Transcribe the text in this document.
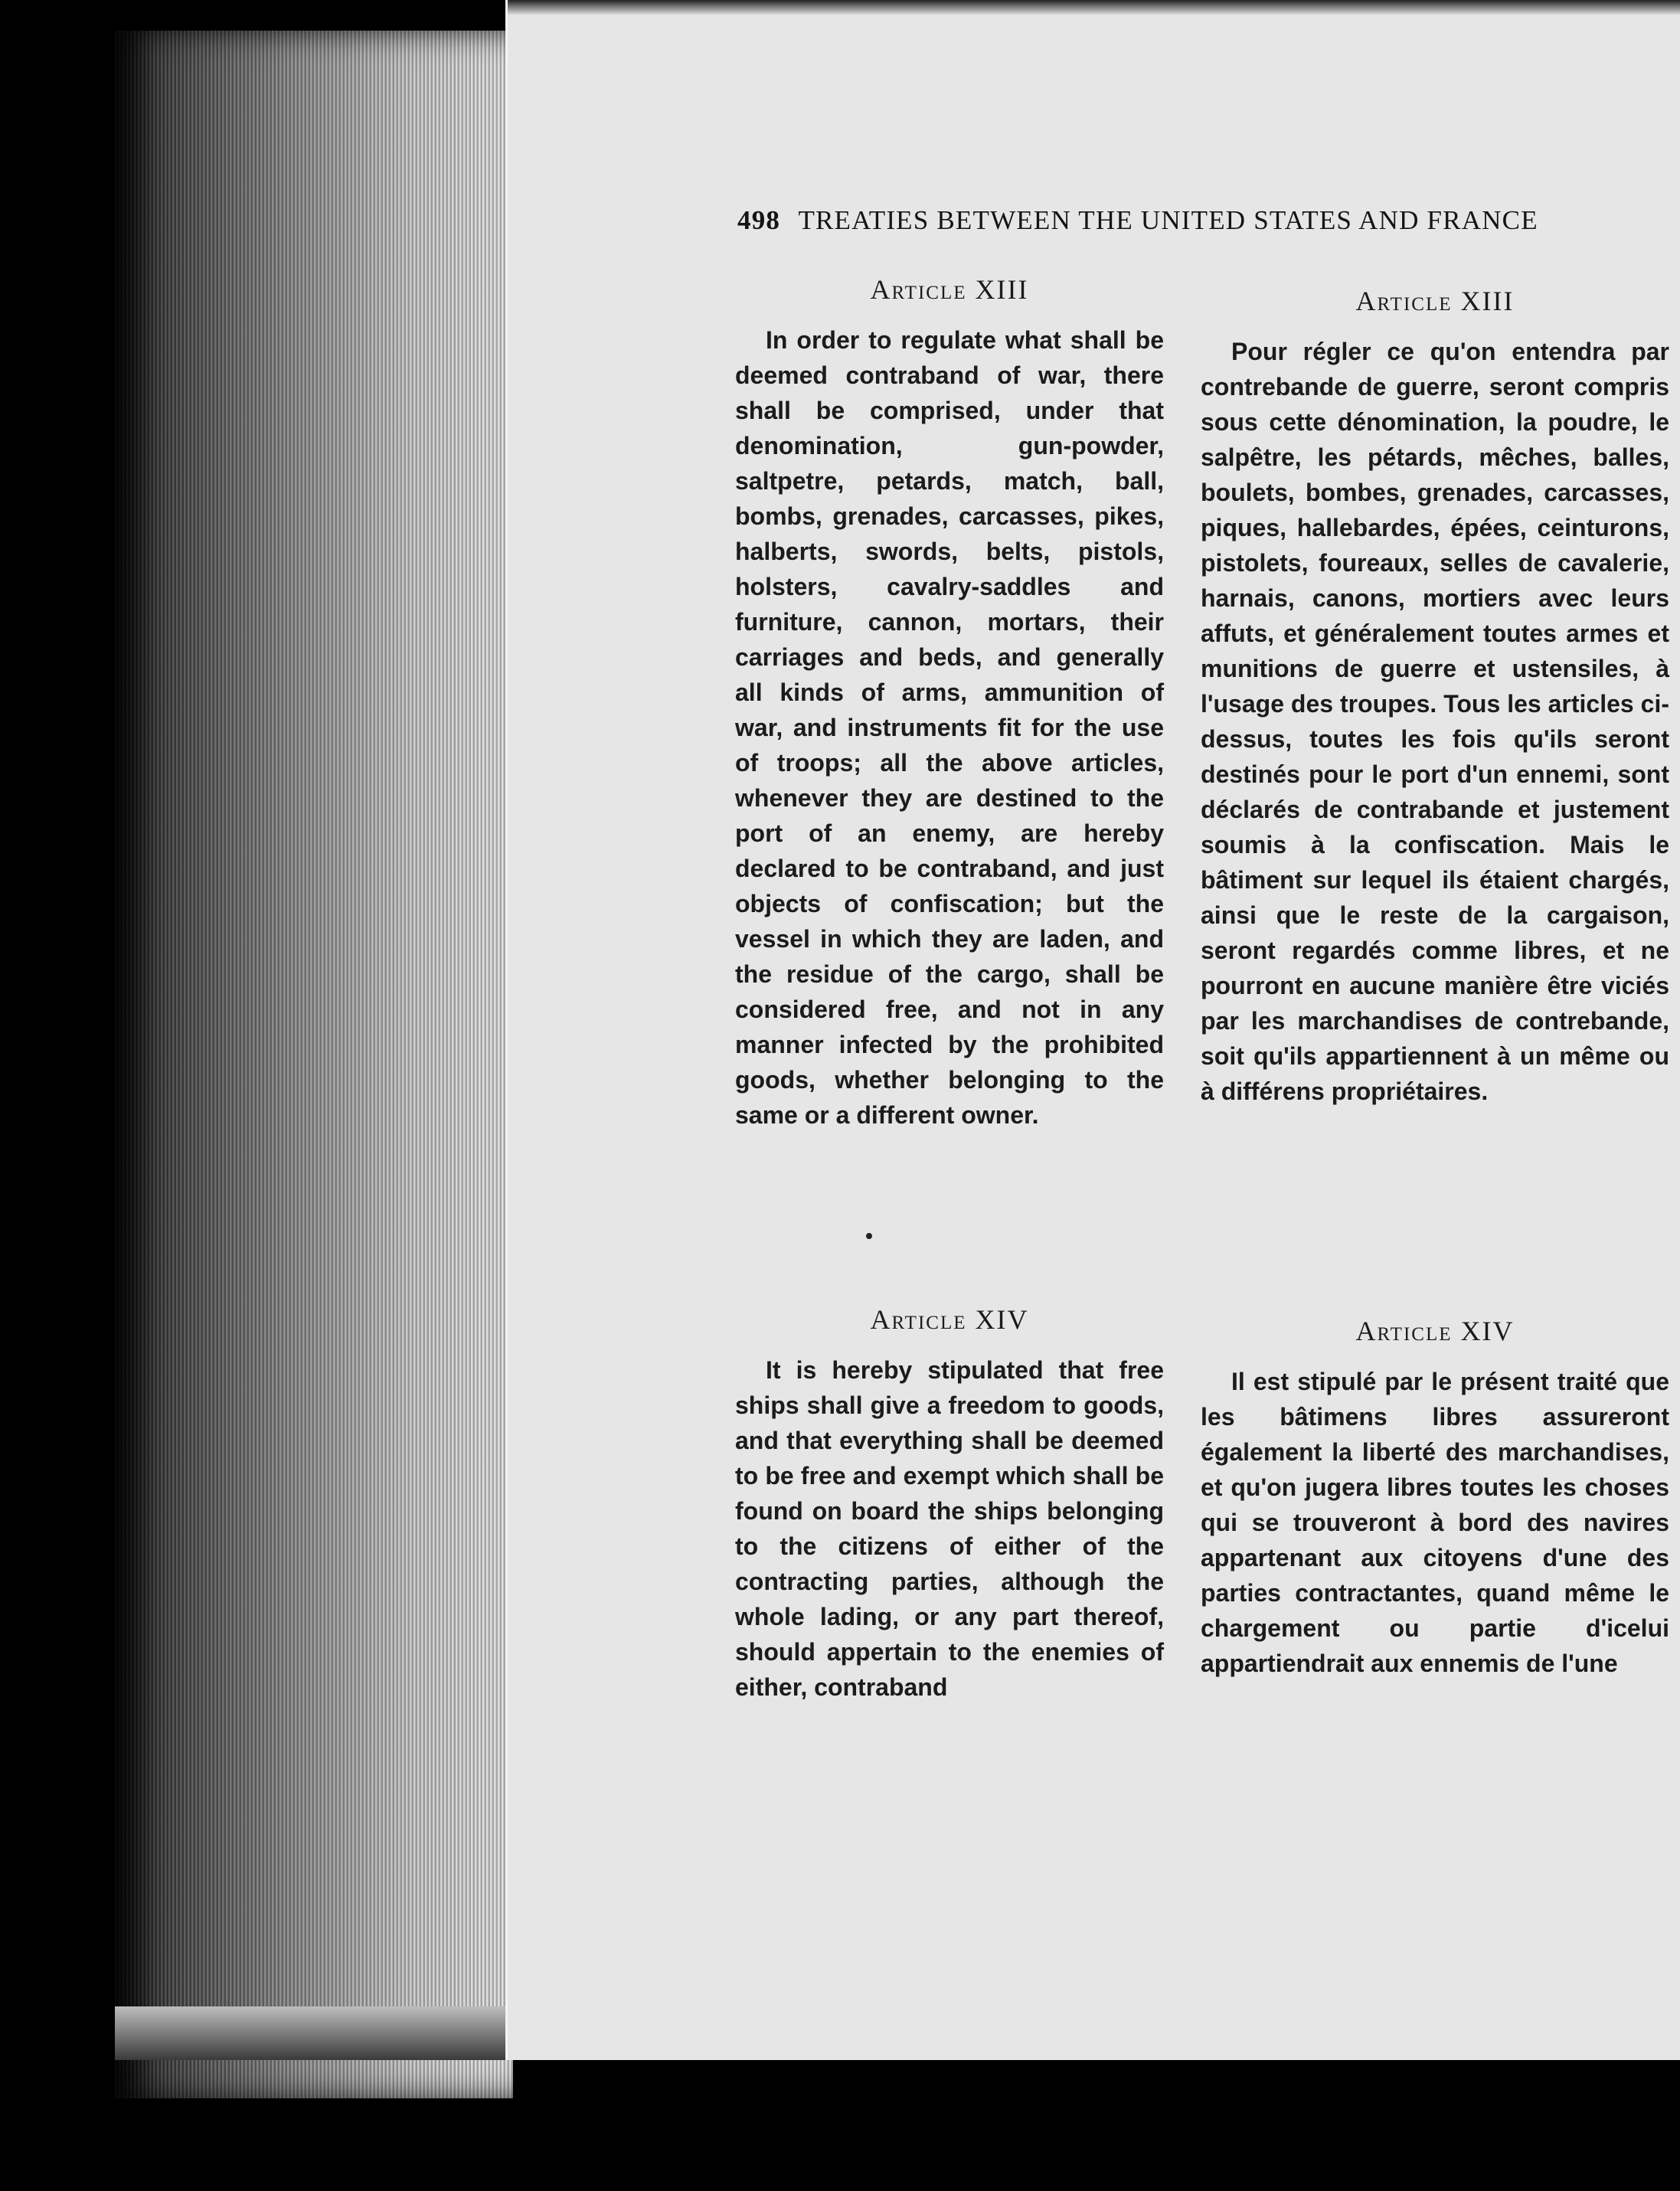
498 TREATIES BETWEEN THE UNITED STATES AND FRANCE
Article XIII

In order to regulate what shall be deemed contraband of war, there shall be comprised, under that denomination, gun-powder, saltpetre, petards, match, ball, bombs, grenades, carcasses, pikes, halberts, swords, belts, pistols, holsters, cavalry-saddles and furniture, cannon, mortars, their carriages and beds, and generally all kinds of arms, ammunition of war, and instruments fit for the use of troops; all the above articles, whenever they are destined to the port of an enemy, are hereby declared to be contraband, and just objects of confiscation; but the vessel in which they are laden, and the residue of the cargo, shall be considered free, and not in any manner infected by the prohibited goods, whether belonging to the same or a different owner.

Article XIV

It is hereby stipulated that free ships shall give a freedom to goods, and that everything shall be deemed to be free and exempt which shall be found on board the ships belonging to the citizens of either of the contracting parties, although the whole lading, or any part thereof, should appertain to the enemies of either, contraband

Article XIII

Pour régler ce qu'on entendra par contrebande de guerre, seront compris sous cette dénomination, la poudre, le salpêtre, les pétards, mêches, balles, boulets, bombes, grenades, carcasses, piques, hallebardes, épées, ceinturons, pistolets, foureaux, selles de cavalerie, harnais, canons, mortiers avec leurs affuts, et généralement toutes armes et munitions de guerre et ustensiles, à l'usage des troupes. Tous les articles ci-dessus, toutes les fois qu'ils seront destinés pour le port d'un ennemi, sont déclarés de contrabande et justement soumis à la confiscation. Mais le bâtiment sur lequel ils étaient chargés, ainsi que le reste de la cargaison, seront regardés comme libres, et ne pourront en aucune manière être viciés par les marchandises de contrebande, soit qu'ils appartiennent à un même ou à différens propriétaires.

Article XIV

Il est stipulé par le présent traité que les bâtimens libres assureront également la liberté des marchandises, et qu'on jugera libres toutes les choses qui se trouveront à bord des navires appartenant aux citoyens d'une des parties contractantes, quand même le chargement ou partie d'icelui appartiendrait aux ennemis de l'une
